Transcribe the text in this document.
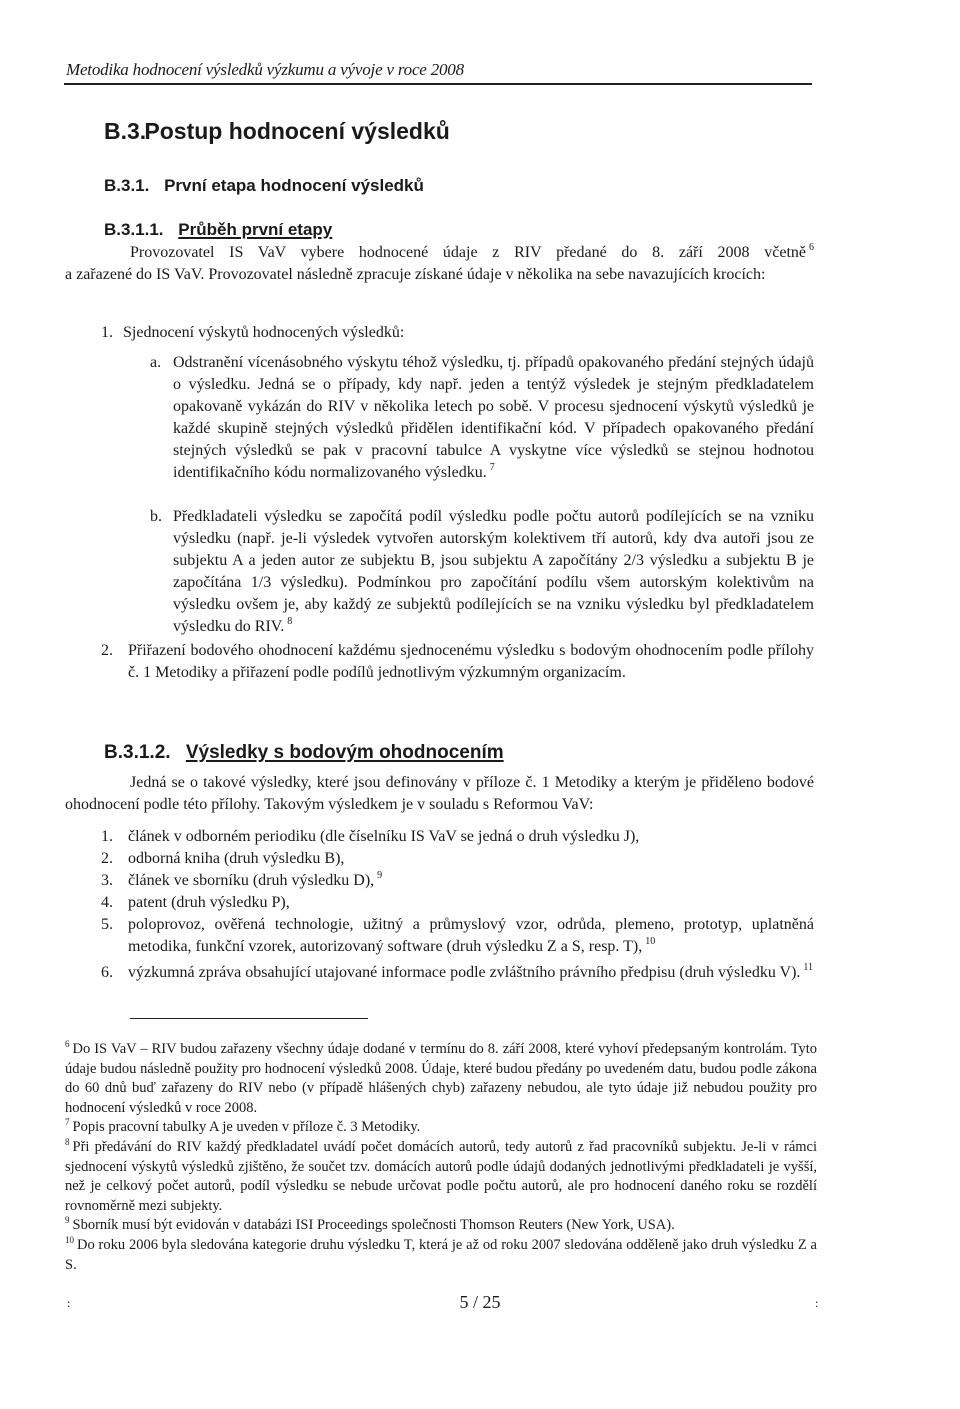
Metodika hodnocení výsledků výzkumu a vývoje v roce 2008
B.3. Postup hodnocení výsledků
B.3.1. První etapa hodnocení výsledků
B.3.1.1. Průběh první etapy
Provozovatel IS VaV vybere hodnocené údaje z RIV předané do 8. září 2008 včetně $^6$
a zařazené do IS VaV. Provozovatel následně zpracuje získané údaje v několika na sebe navazujících krocích:
1. Sjednocení výskytů hodnocených výsledků:
a. Odstranění vícenásobného výskytu téhož výsledku, tj. případů opakovaného předání stejných údajů o výsledku. Jedná se o případy, kdy např. jeden a tentýž výsledek je stejným předkladatelem opakovaně vykázán do RIV v několika letech po sobě. V procesu sjednocení výskytů výsledků je každé skupině stejných výsledků přidělen identifikační kód. V případech opakovaného předání stejných výsledků se pak v pracovní tabulce A vyskytne více výsledků se stejnou hodnotou identifikačního kódu normalizovaného výsledku. $^7$
b. Předkladateli výsledku se započítá podíl výsledku podle počtu autorů podílejících se na vzniku výsledku (např. je-li výsledek vytvořen autorským kolektivem tří autorů, kdy dva autoři jsou ze subjektu A a jeden autor ze subjektu B, jsou subjektu A započítány 2/3 výsledku a subjektu B je započítána 1/3 výsledku). Podmínkou pro započítání podílu všem autorským kolektivům na výsledku ovšem je, aby každý ze subjektů podílejících se na vzniku výsledku byl předkladatelem výsledku do RIV. $^8$
2. Přiřazení bodového ohodnocení každému sjednocenému výsledku s bodovým ohodnocením podle přílohy č. 1 Metodiky a přiřazení podle podílů jednotlivým výzkumným organizacím.
B.3.1.2. Výsledky s bodovým ohodnocením
Jedná se o takové výsledky, které jsou definovány v příloze č. 1 Metodiky a kterým je přiděleno bodové ohodnocení podle této přílohy. Takovým výsledkem je v souladu s Reformou VaV:
1. článek v odborném periodiku (dle číselníku IS VaV se jedná o druh výsledku J),
2. odborná kniha (druh výsledku B),
3. článek ve sborníku (druh výsledku D), $^9$
4. patent (druh výsledku P),
5. poloprovoz, ověřená technologie, užitný a průmyslový vzor, odrůda, plemeno, prototyp, uplatněná metodika, funkční vzorek, autorizovaný software (druh výsledku Z a S, resp. T), $^{10}$
6. výzkumná zpráva obsahující utajované informace podle zvláštního právního předpisu (druh výsledku V). $^{11}$
$^6$ Do IS VaV – RIV budou zařazeny všechny údaje dodané v termínu do 8. září 2008, které vyhoví předepsaným kontrolám. Tyto údaje budou následně použity pro hodnocení výsledků 2008. Údaje, které budou předány po uvedeném datu, budou podle zákona do 60 dnů buď zařazeny do RIV nebo (v případě hlášených chyb) zařazeny nebudou, ale tyto údaje již nebudou použity pro hodnocení výsledků v roce 2008.
$^7$ Popis pracovní tabulky A je uveden v příloze č. 3 Metodiky.
$^8$ Při předávání do RIV každý předkladatel uvádí počet domácích autorů, tedy autorů z řad pracovníků subjektu. Je-li v rámci sjednocení výskytů výsledků zjištěno, že součet tzv. domácích autorů podle údajů dodaných jednotlivými předkladateli je vyšší, než je celkový počet autorů, podíl výsledku se nebude určovat podle počtu autorů, ale pro hodnocení daného roku se rozdělí rovnoměrně mezi subjekty.
$^9$ Sborník musí být evidován v databázi ISI Proceedings společnosti Thomson Reuters (New York, USA).
$^{10}$ Do roku 2006 byla sledována kategorie druhu výsledku T, která je až od roku 2007 sledována odděleně jako druh výsledku Z a S.
:	5 / 25	:
